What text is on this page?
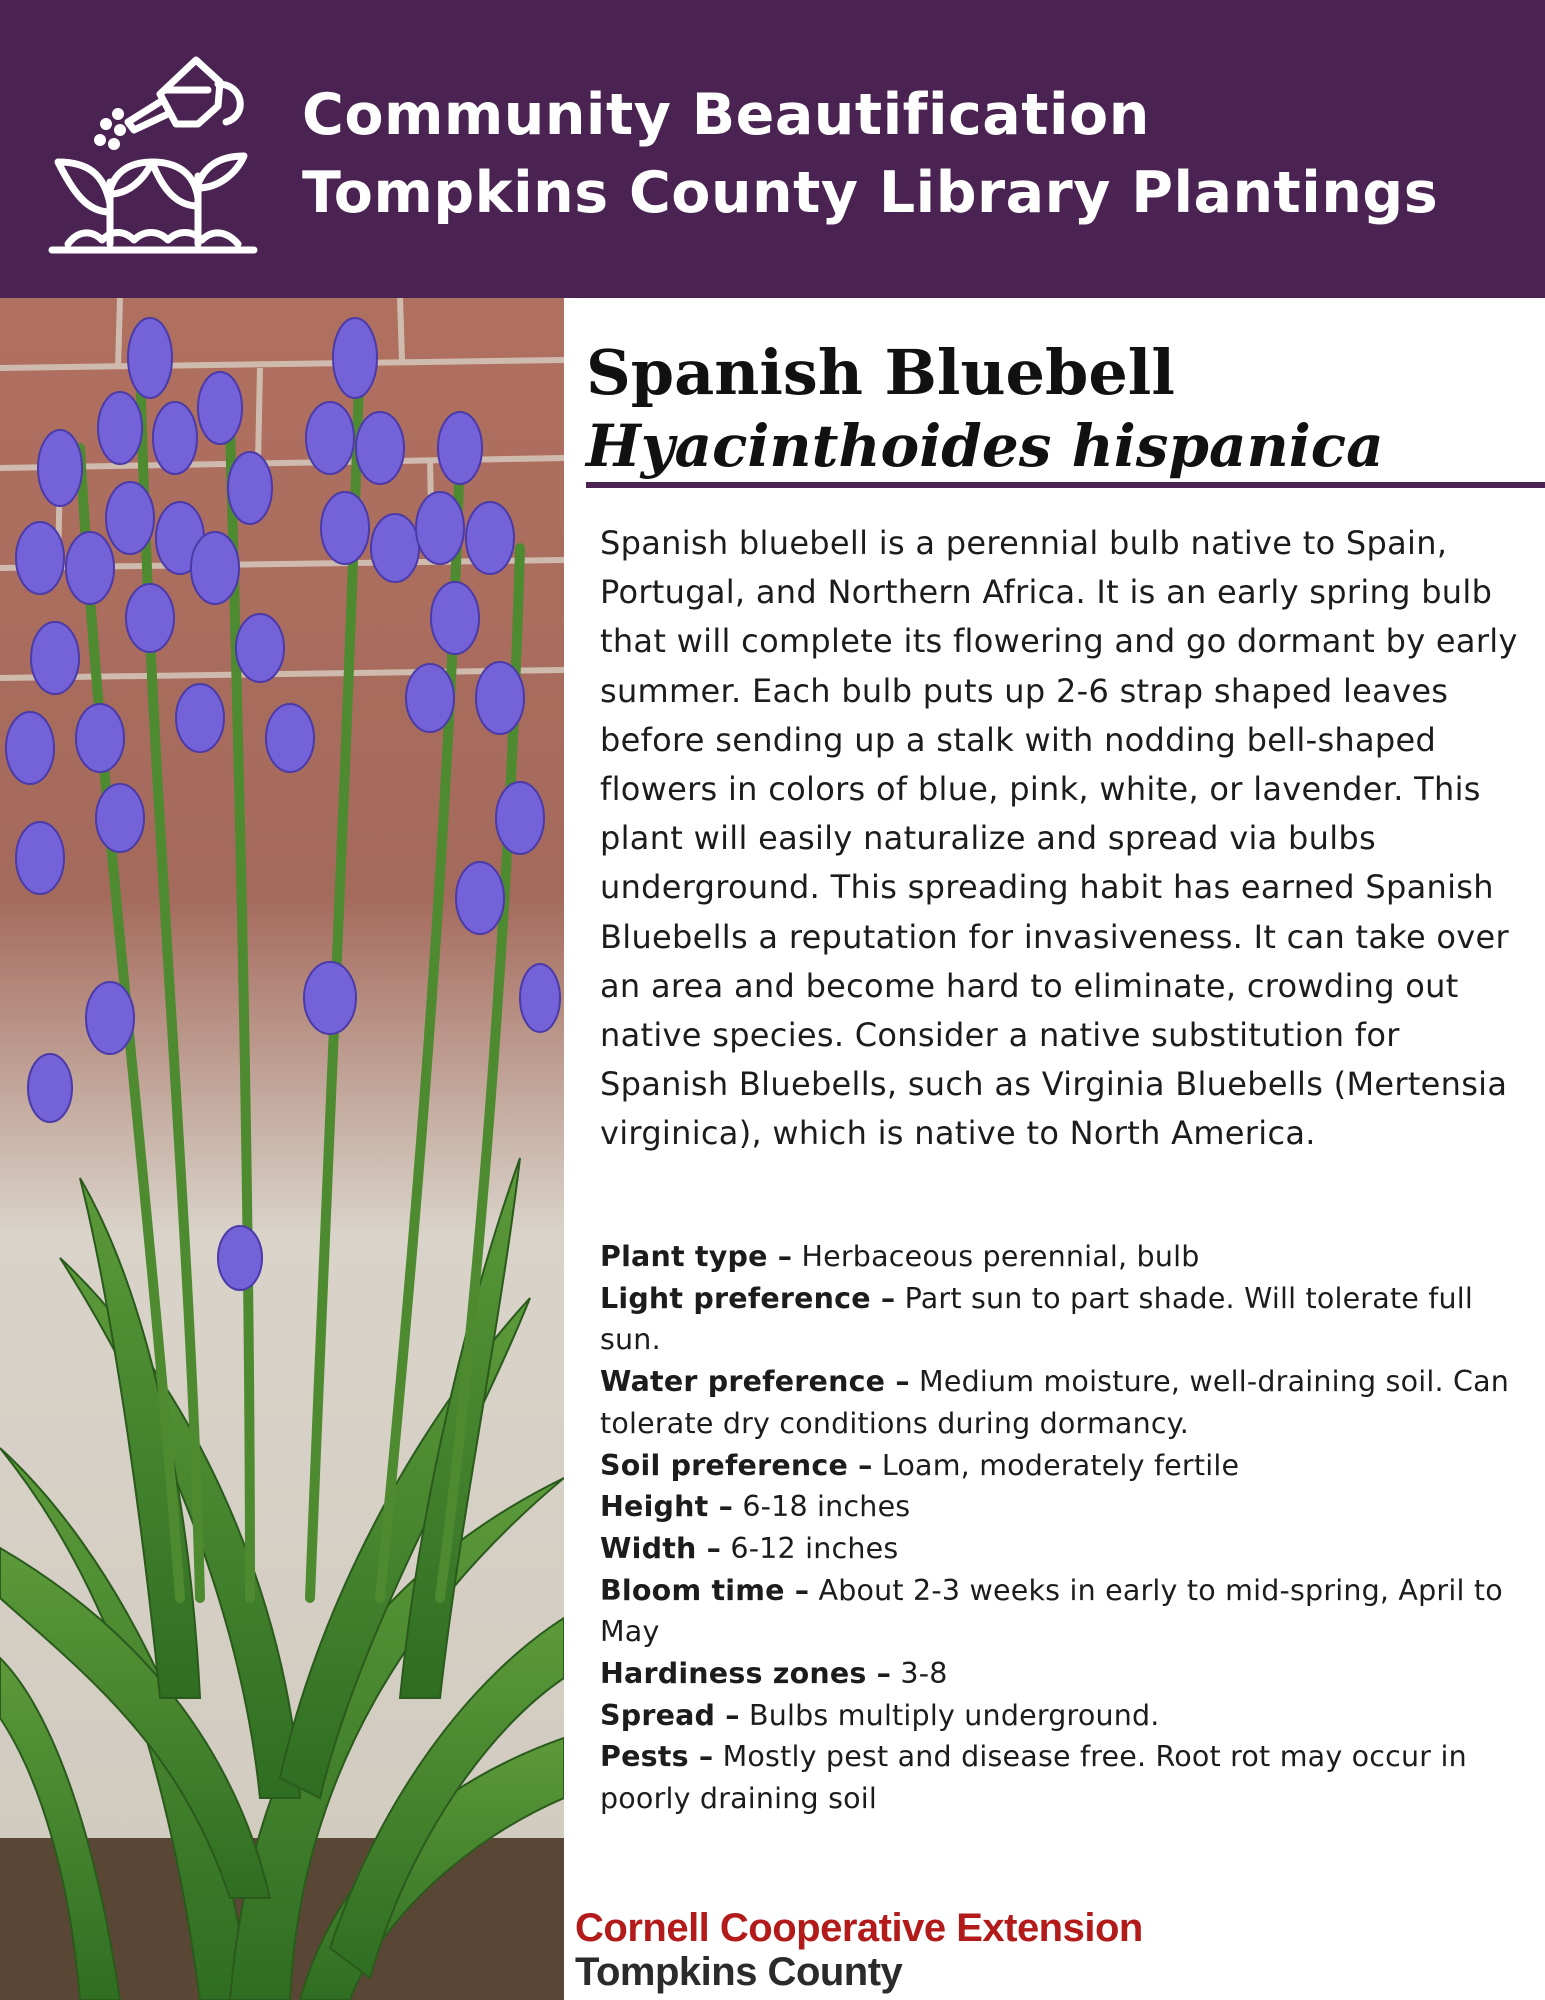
Community Beautification
Tompkins County Library Plantings
Spanish Bluebell
Hyacinthoides hispanica
Spanish bluebell is a perennial bulb native to Spain, Portugal, and Northern Africa. It is an early spring bulb that will complete its flowering and go dormant by early summer. Each bulb puts up 2-6 strap shaped leaves before sending up a stalk with nodding bell-shaped flowers in colors of blue, pink, white, or lavender. This plant will easily naturalize and spread via bulbs underground. This spreading habit has earned Spanish Bluebells a reputation for invasiveness. It can take over an area and become hard to eliminate, crowding out native species. Consider a native substitution for Spanish Bluebells, such as Virginia Bluebells (Mertensia virginica), which is native to North America.

Plant type – Herbaceous perennial, bulb

Light preference – Part sun to part shade. Will tolerate full sun.

Water preference – Medium moisture, well-draining soil. Can tolerate dry conditions during dormancy.

Soil preference – Loam, moderately fertile

Height – 6-18 inches

Width – 6-12 inches

Bloom time – About 2-3 weeks in early to mid-spring, April to May

Hardiness zones – 3-8

Spread – Bulbs multiply underground.

Pests – Mostly pest and disease free. Root rot may occur in poorly draining soil

Cornell Cooperative Extension
Tompkins County
